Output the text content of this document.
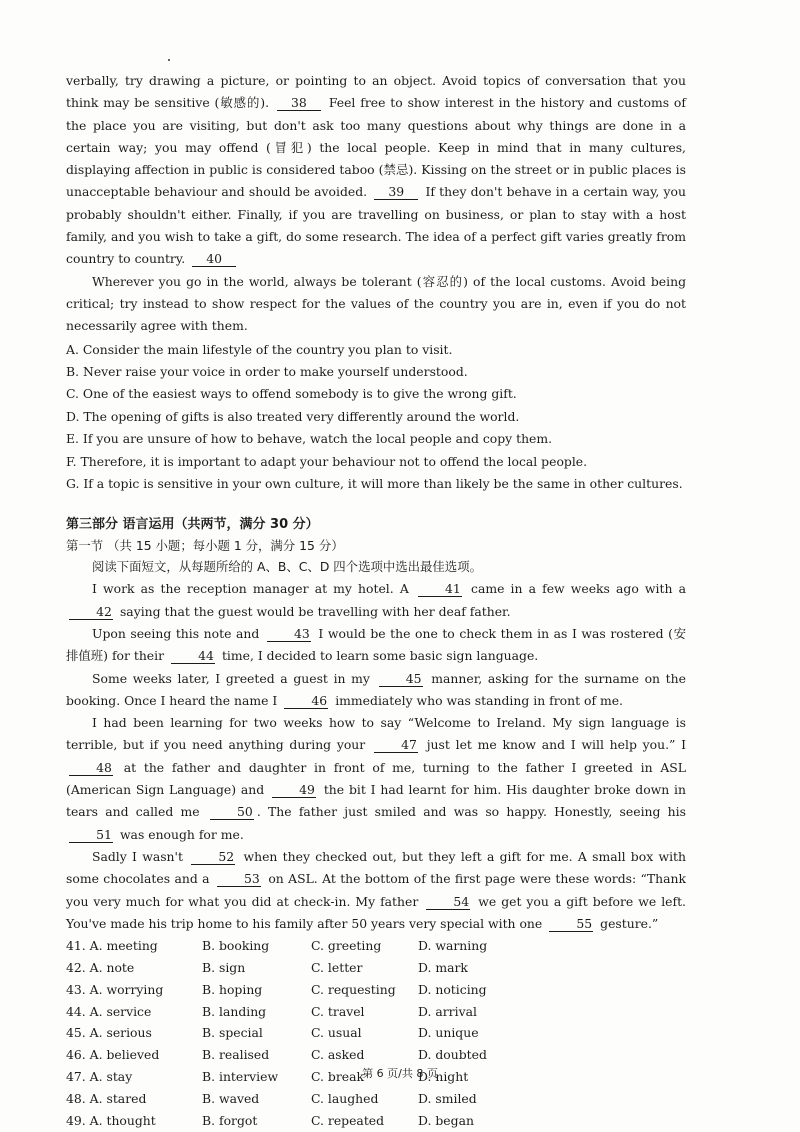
verbally, try drawing a picture, or pointing to an object. Avoid topics of conversation that you think may be sensitive (敏感的). 38 Feel free to show interest in the history and customs of the place you are visiting, but don't ask too many questions about why things are done in a certain way; you may offend (冒犯) the local people. Keep in mind that in many cultures, displaying affection in public is considered taboo (禁忌). Kissing on the street or in public places is unacceptable behaviour and should be avoided. 39 If they don't behave in a certain way, you probably shouldn't either. Finally, if you are travelling on business, or plan to stay with a host family, and you wish to take a gift, do some research. The idea of a perfect gift varies greatly from country to country. 40

Wherever you go in the world, always be tolerant (容忍的) of the local customs. Avoid being critical; try instead to show respect for the values of the country you are in, even if you do not necessarily agree with them.

A. Consider the main lifestyle of the country you plan to visit.

B. Never raise your voice in order to make yourself understood.

C. One of the easiest ways to offend somebody is to give the wrong gift.

D. The opening of gifts is also treated very differently around the world.

E. If you are unsure of how to behave, watch the local people and copy them.

F. Therefore, it is important to adapt your behaviour not to offend the local people.

G. If a topic is sensitive in your own culture, it will more than likely be the same in other cultures.

第三部分 语言运用（共两节，满分 30 分）

第一节 （共 15 小题；每小题 1 分，满分 15 分）

阅读下面短文，从每题所给的 A、B、C、D 四个选项中选出最佳选项。

I work as the reception manager at my hotel. A	41 came in a few weeks ago with a 42 saying that the guest would be travelling with her deaf father.

Upon seeing this note and	43 I would be the one to check them in as I was rostered (安排值班) for their	44 time, I decided to learn some basic sign language.

Some weeks later, I greeted a guest in my	45 manner, asking for the surname on the booking. Once I heard the name I	46 immediately who was standing in front of me.

I had been learning for two weeks how to say “Welcome to Ireland. My sign language is terrible, but if you need anything during your	47 just let me know and I will help you.” I 48 at the father and daughter in front of me, turning to the father I greeted in ASL (American Sign Language) and	49 the bit I had learnt for him. His daughter broke down in tears and called me	50 . The father just smiled and was so happy. Honestly, seeing his 51 was enough for me.

Sadly I wasn't	52 when they checked out, but they left a gift for me. A small box with some chocolates and a	53 on ASL. At the bottom of the first page were these words: “Thank you very much for what you did at check-in. My father	54 we get you a gift before we left. You've made his trip home to his family after 50 years very special with one	55 gesture.”

41. A. meeting	B. booking	C. greeting	D. warning
42. A. note	B. sign	C. letter	D. mark
43. A. worrying	B. hoping	C. requesting	D. noticing
44. A. service	B. landing	C. travel	D. arrival
45. A. serious	B. special	C. usual	D. unique
46. A. believed	B. realised	C. asked	D. doubted
47. A. stay	B. interview	C. break	D. night
48. A. stared	B. waved	C. laughed	D. smiled
49. A. thought	B. forgot	C. repeated	D. began
第 6 页/共 8 页
